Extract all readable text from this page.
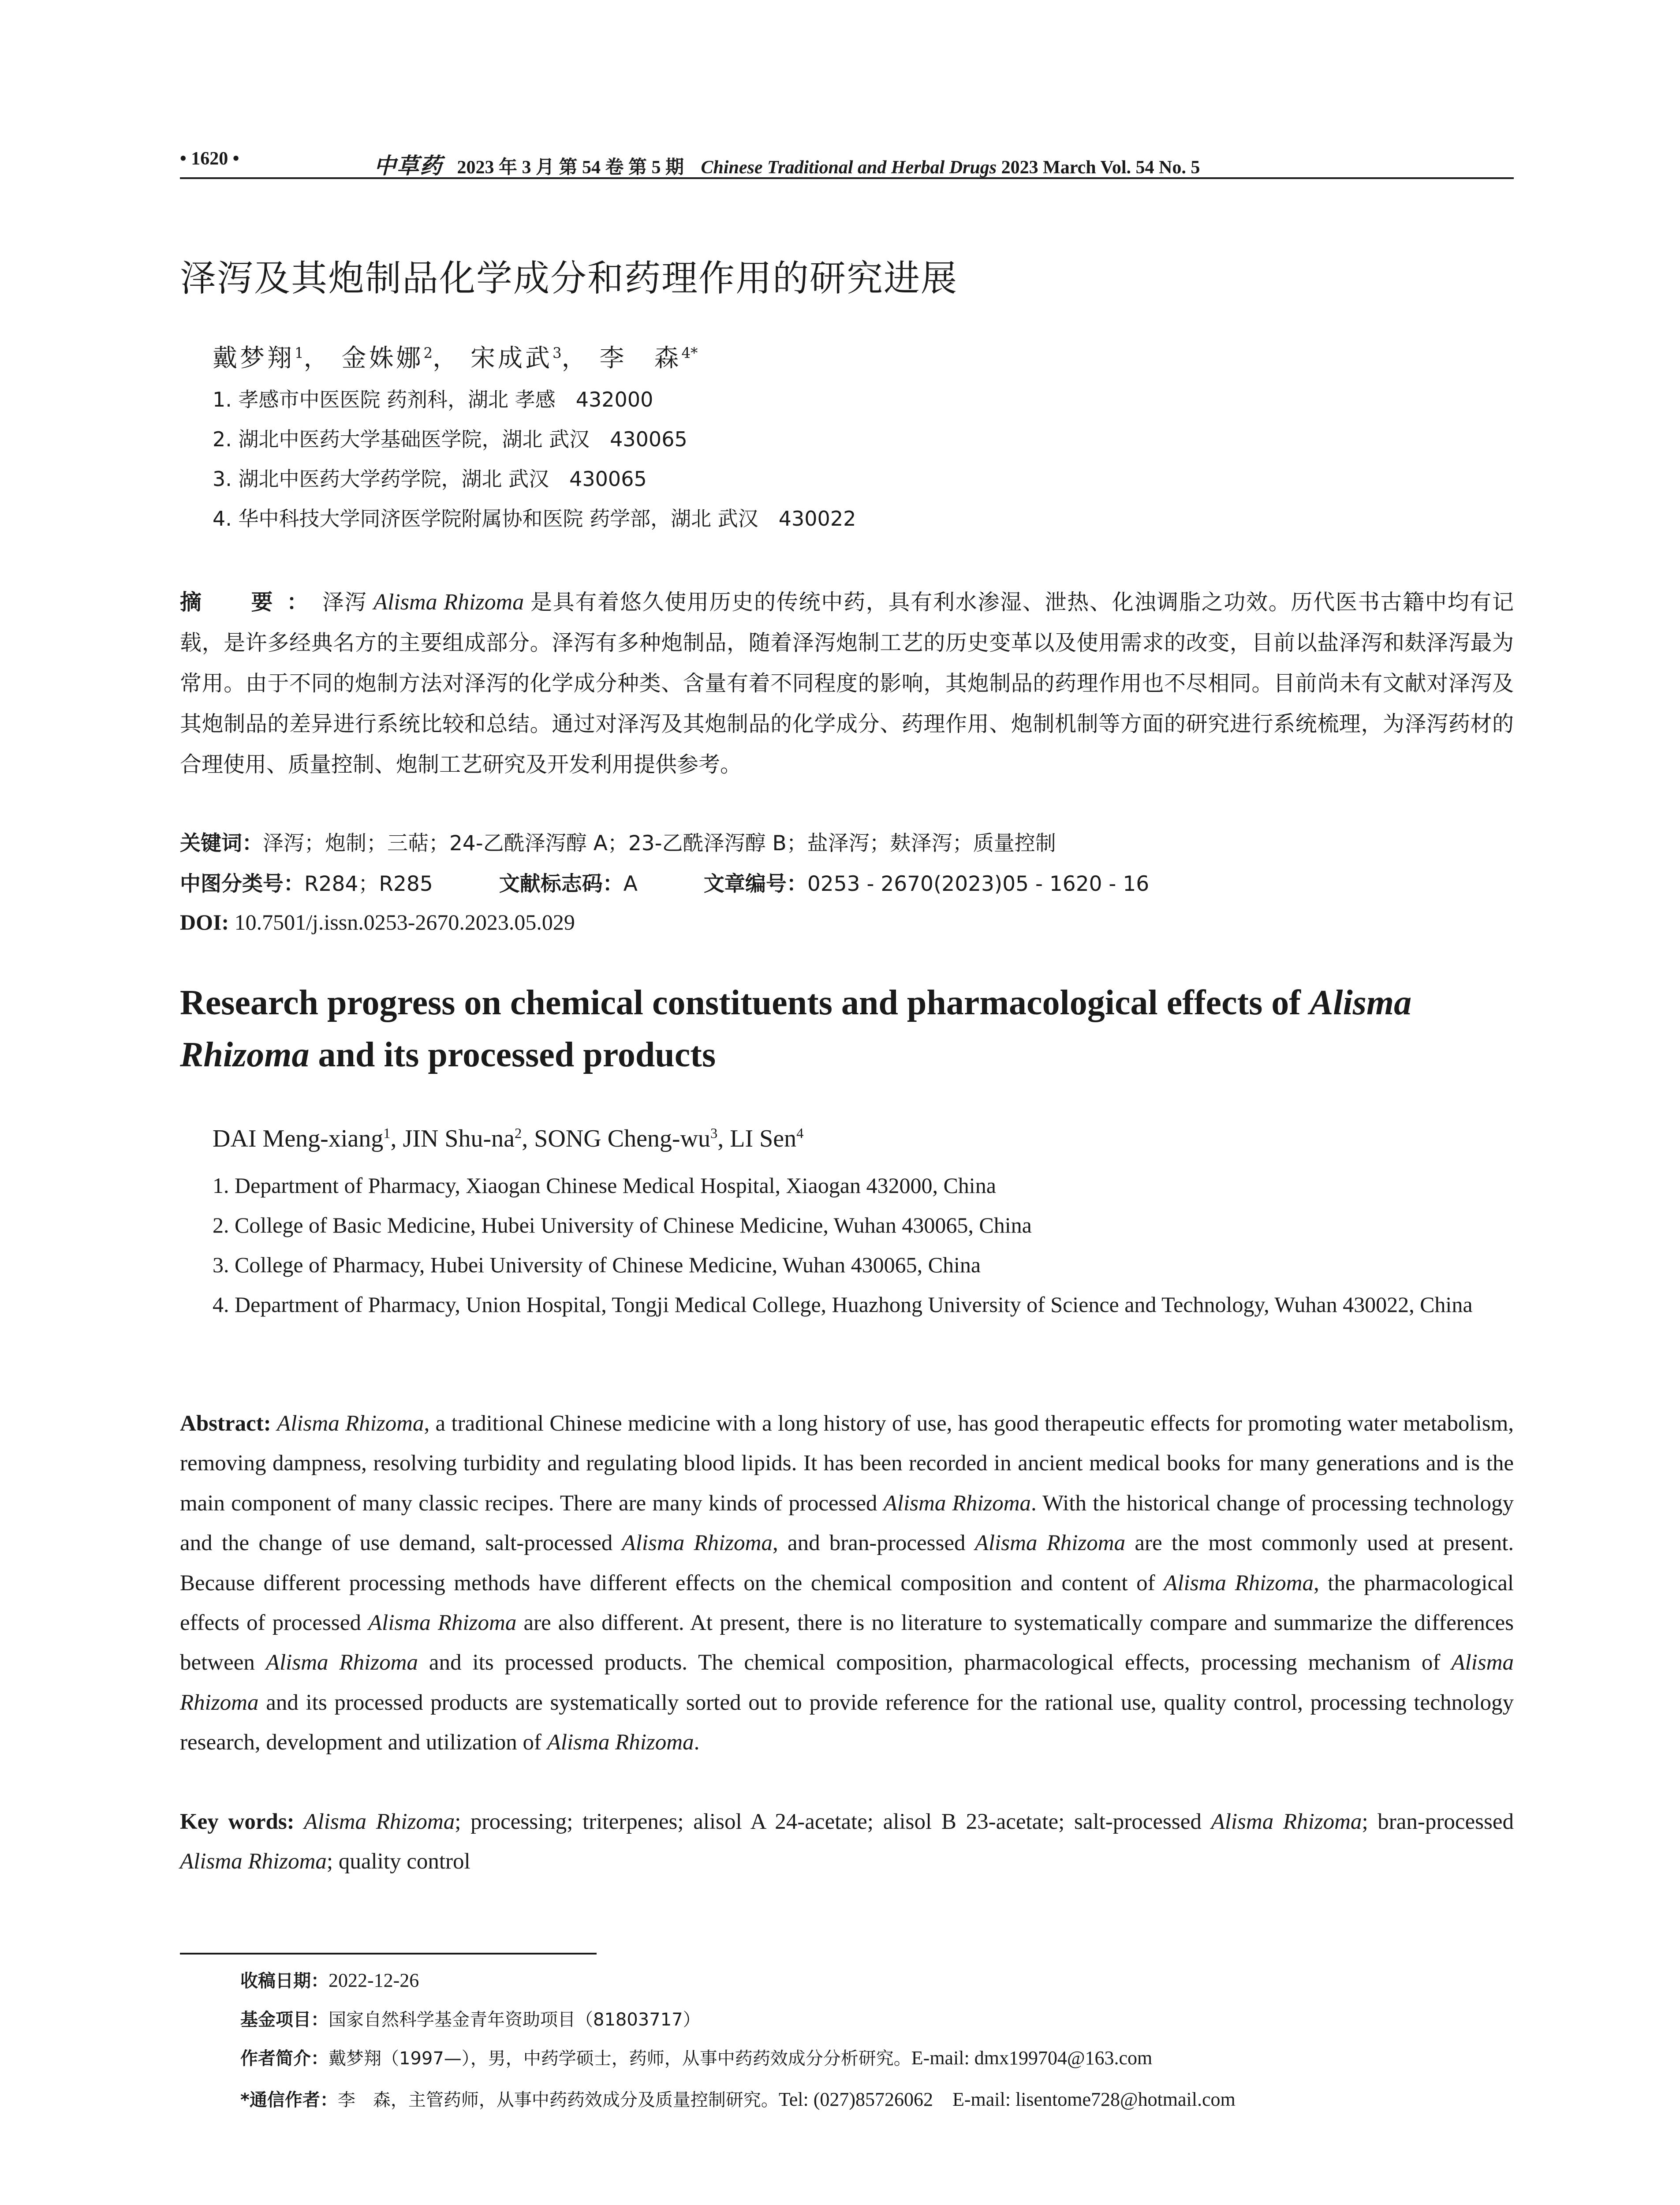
• 1620 •	中草药 2023 年 3 月 第 54 卷 第 5 期 Chinese Traditional and Herbal Drugs 2023 March Vol. 54 No. 5
泽泻及其炮制品化学成分和药理作用的研究进展
戴梦翔$^1$， 金姝娜$^2$， 宋成武$^3$， 李　森$^{4*}$
1. 孝感市中医医院 药剂科，湖北 孝感　432000
2. 湖北中医药大学基础医学院，湖北 武汉　430065
3. 湖北中医药大学药学院，湖北 武汉　430065
4. 华中科技大学同济医学院附属协和医院 药学部，湖北 武汉　430022
摘　要：泽泻 Alisma Rhizoma 是具有着悠久使用历史的传统中药，具有利水渗湿、泄热、化浊调脂之功效。历代医书古籍中均有记载，是许多经典名方的主要组成部分。泽泻有多种炮制品，随着泽泻炮制工艺的历史变革以及使用需求的改变，目前以盐泽泻和麸泽泻最为常用。由于不同的炮制方法对泽泻的化学成分种类、含量有着不同程度的影响，其炮制品的药理作用也不尽相同。目前尚未有文献对泽泻及其炮制品的差异进行系统比较和总结。通过对泽泻及其炮制品的化学成分、药理作用、炮制机制等方面的研究进行系统梳理，为泽泻药材的合理使用、质量控制、炮制工艺研究及开发利用提供参考。
关键词：泽泻；炮制；三萜；24-乙酰泽泻醇 A；23-乙酰泽泻醇 B；盐泽泻；麸泽泻；质量控制
中图分类号：R284；R285	文献标志码：A	文章编号：0253 - 2670(2023)05 - 1620 - 16
DOI: 10.7501/j.issn.0253-2670.2023.05.029
Research progress on chemical constituents and pharmacological effects of Alisma Rhizoma and its processed products
DAI Meng-xiang$^1$, JIN Shu-$na^2$, SONG Cheng-$wu^3$, LI Sen$^4$
1. Department of Pharmacy, Xiaogan Chinese Medical Hospital, Xiaogan 432000, China
2. College of Basic Medicine, Hubei University of Chinese Medicine, Wuhan 430065, China
3. College of Pharmacy, Hubei University of Chinese Medicine, Wuhan 430065, China
4. Department of Pharmacy, Union Hospital, Tongji Medical College, Huazhong University of Science and Technology, Wuhan 430022, China
Abstract: Alisma Rhizoma, a traditional Chinese medicine with a long history of use, has good therapeutic effects for promoting water metabolism, removing dampness, resolving turbidity and regulating blood lipids. It has been recorded in ancient medical books for many generations and is the main component of many classic recipes. There are many kinds of processed Alisma Rhizoma. With the historical change of processing technology and the change of use demand, salt-processed Alisma Rhizoma, and bran-processed Alisma Rhizoma are the most commonly used at present. Because different processing methods have different effects on the chemical composition and content of Alisma Rhizoma, the pharmacological effects of processed Alisma Rhizoma are also different. At present, there is no literature to systematically compare and summarize the differences between Alisma Rhizoma and its processed products. The chemical composition, pharmacological effects, processing mechanism of Alisma Rhizoma and its processed products are systematically sorted out to provide reference for the rational use, quality control, processing technology research, development and utilization of Alisma Rhizoma.
Key words: Alisma Rhizoma; processing; triterpenes; alisol A 24-acetate; alisol B 23-acetate; salt-processed Alisma Rhizoma; bran-processed Alisma Rhizoma; quality control
收稿日期：2022-12-26
基金项目：国家自然科学基金青年资助项目（81803717）
作者简介：戴梦翔（1997—），男，中药学硕士，药师，从事中药药效成分分析研究。E-mail: dmx199704@163.com
*通信作者：李　森，主管药师，从事中药药效成分及质量控制研究。Tel: (027)85726062　E-mail: lisentome728@hotmail.com
